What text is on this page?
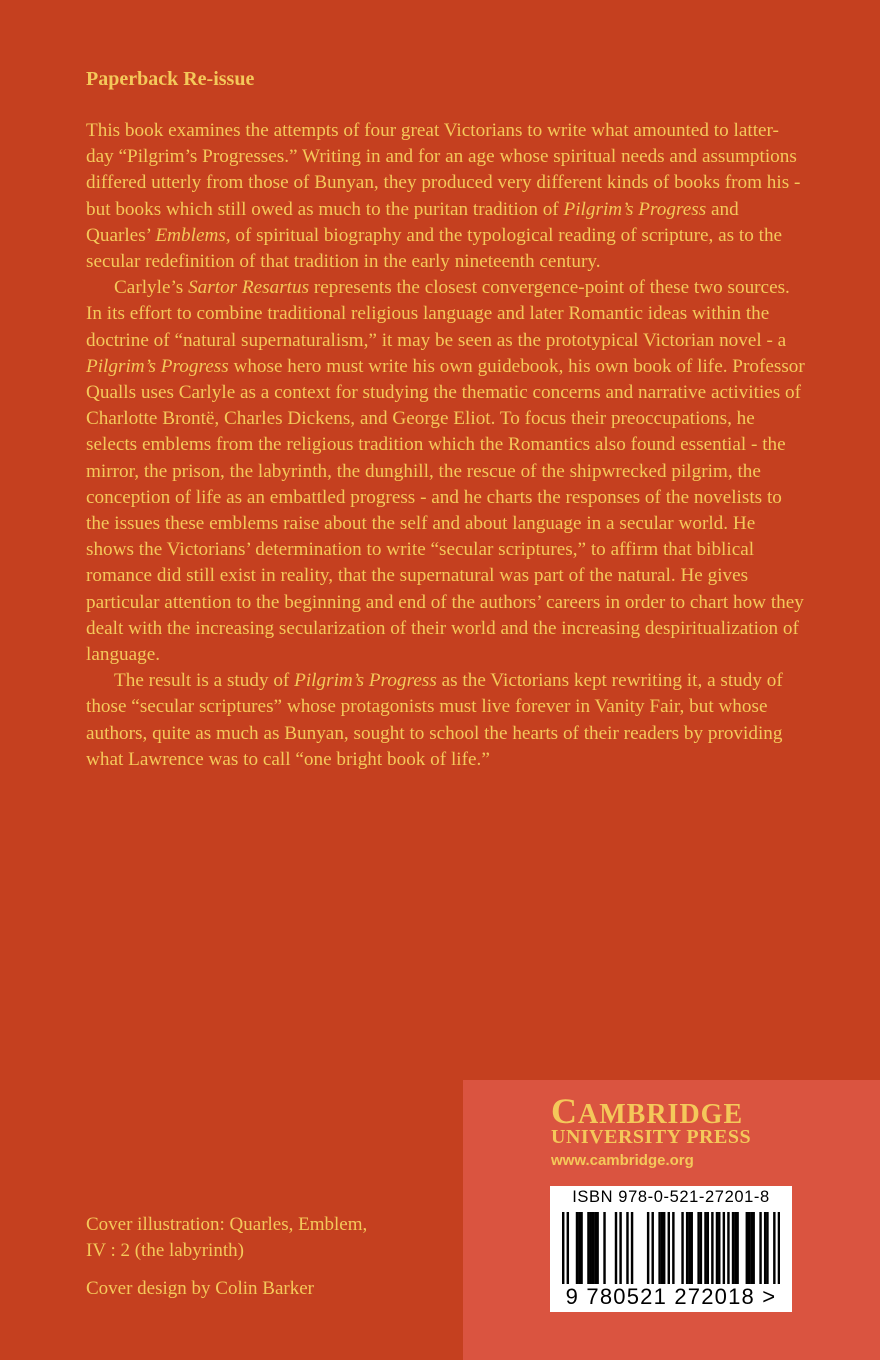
Paperback Re-issue

This book examines the attempts of four great Victorians to write what amounted to latter-day “Pilgrim’s Progresses.” Writing in and for an age whose spiritual needs and assumptions differed utterly from those of Bunyan, they produced very different kinds of books from his - but books which still owed as much to the puritan tradition of Pilgrim’s Progress and Quarles’ Emblems, of spiritual biography and the typological reading of scripture, as to the secular redefinition of that tradition in the early nineteenth century.

Carlyle’s Sartor Resartus represents the closest convergence-point of these two sources. In its effort to combine traditional religious language and later Romantic ideas within the doctrine of “natural supernaturalism,” it may be seen as the prototypical Victorian novel - a Pilgrim’s Progress whose hero must write his own guidebook, his own book of life. Professor Qualls uses Carlyle as a context for studying the thematic concerns and narrative activities of Charlotte Brontë, Charles Dickens, and George Eliot. To focus their preoccupations, he selects emblems from the religious tradition which the Romantics also found essential - the mirror, the prison, the labyrinth, the dunghill, the rescue of the shipwrecked pilgrim, the conception of life as an embattled progress - and he charts the responses of the novelists to the issues these emblems raise about the self and about language in a secular world. He shows the Victorians’ determination to write “secular scriptures,” to affirm that biblical romance did still exist in reality, that the supernatural was part of the natural. He gives particular attention to the beginning and end of the authors’ careers in order to chart how they dealt with the increasing secularization of their world and the increasing despiritualization of language.

The result is a study of Pilgrim’s Progress as the Victorians kept rewriting it, a study of those “secular scriptures” whose protagonists must live forever in Vanity Fair, but whose authors, quite as much as Bunyan, sought to school the hearts of their readers by providing what Lawrence was to call “one bright book of life.”

CAMBRIDGE
UNIVERSITY PRESS
www.cambridge.org
ISBN 978-0-521-27201-8
9 780521 272018 >
Cover illustration: Quarles, Emblem,
IV : 2 (the labyrinth)
Cover design by Colin Barker
